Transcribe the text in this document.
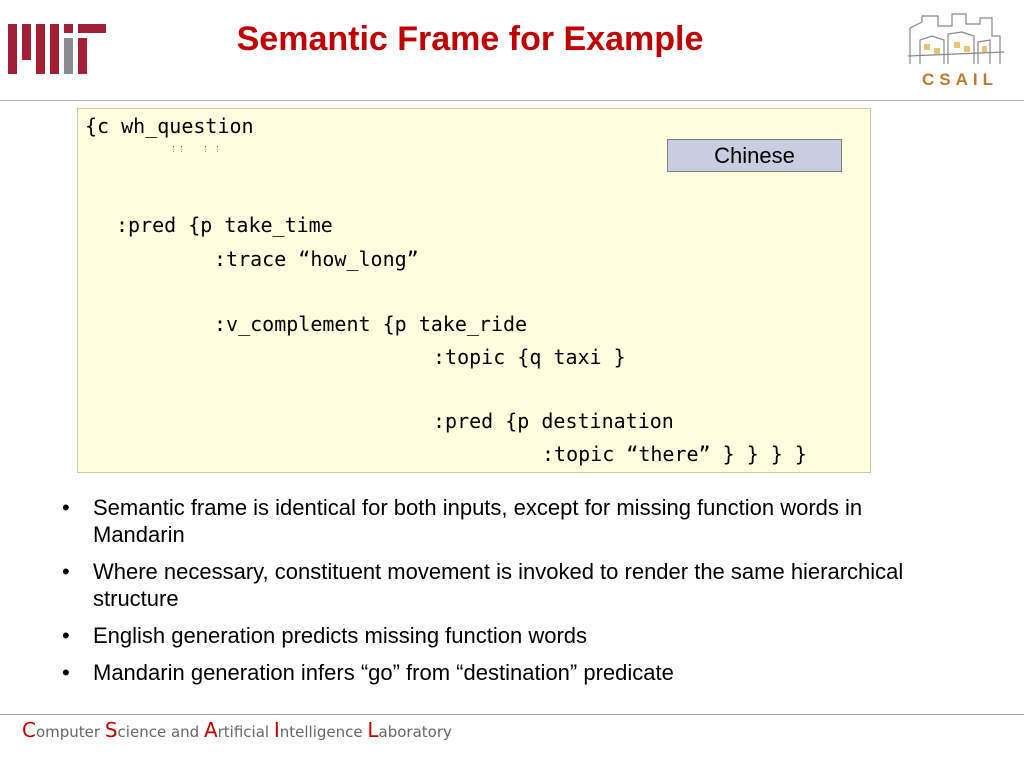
Semantic Frame for Example
CSAIL
{c wh_question
:pred {p take_time
:trace “how_long”
:v_complement {p take_ride
:topic {q taxi }
:pred {p destination
:topic “there” } } } }
Chinese
• Semantic frame is identical for both inputs, except for missing function words in Mandarin
• Where necessary, constituent movement is invoked to render the same hierarchical structure
• English generation predicts missing function words
• Mandarin generation infers “go” from “destination” predicate
Computer Science and Artificial Intelligence Laboratory
